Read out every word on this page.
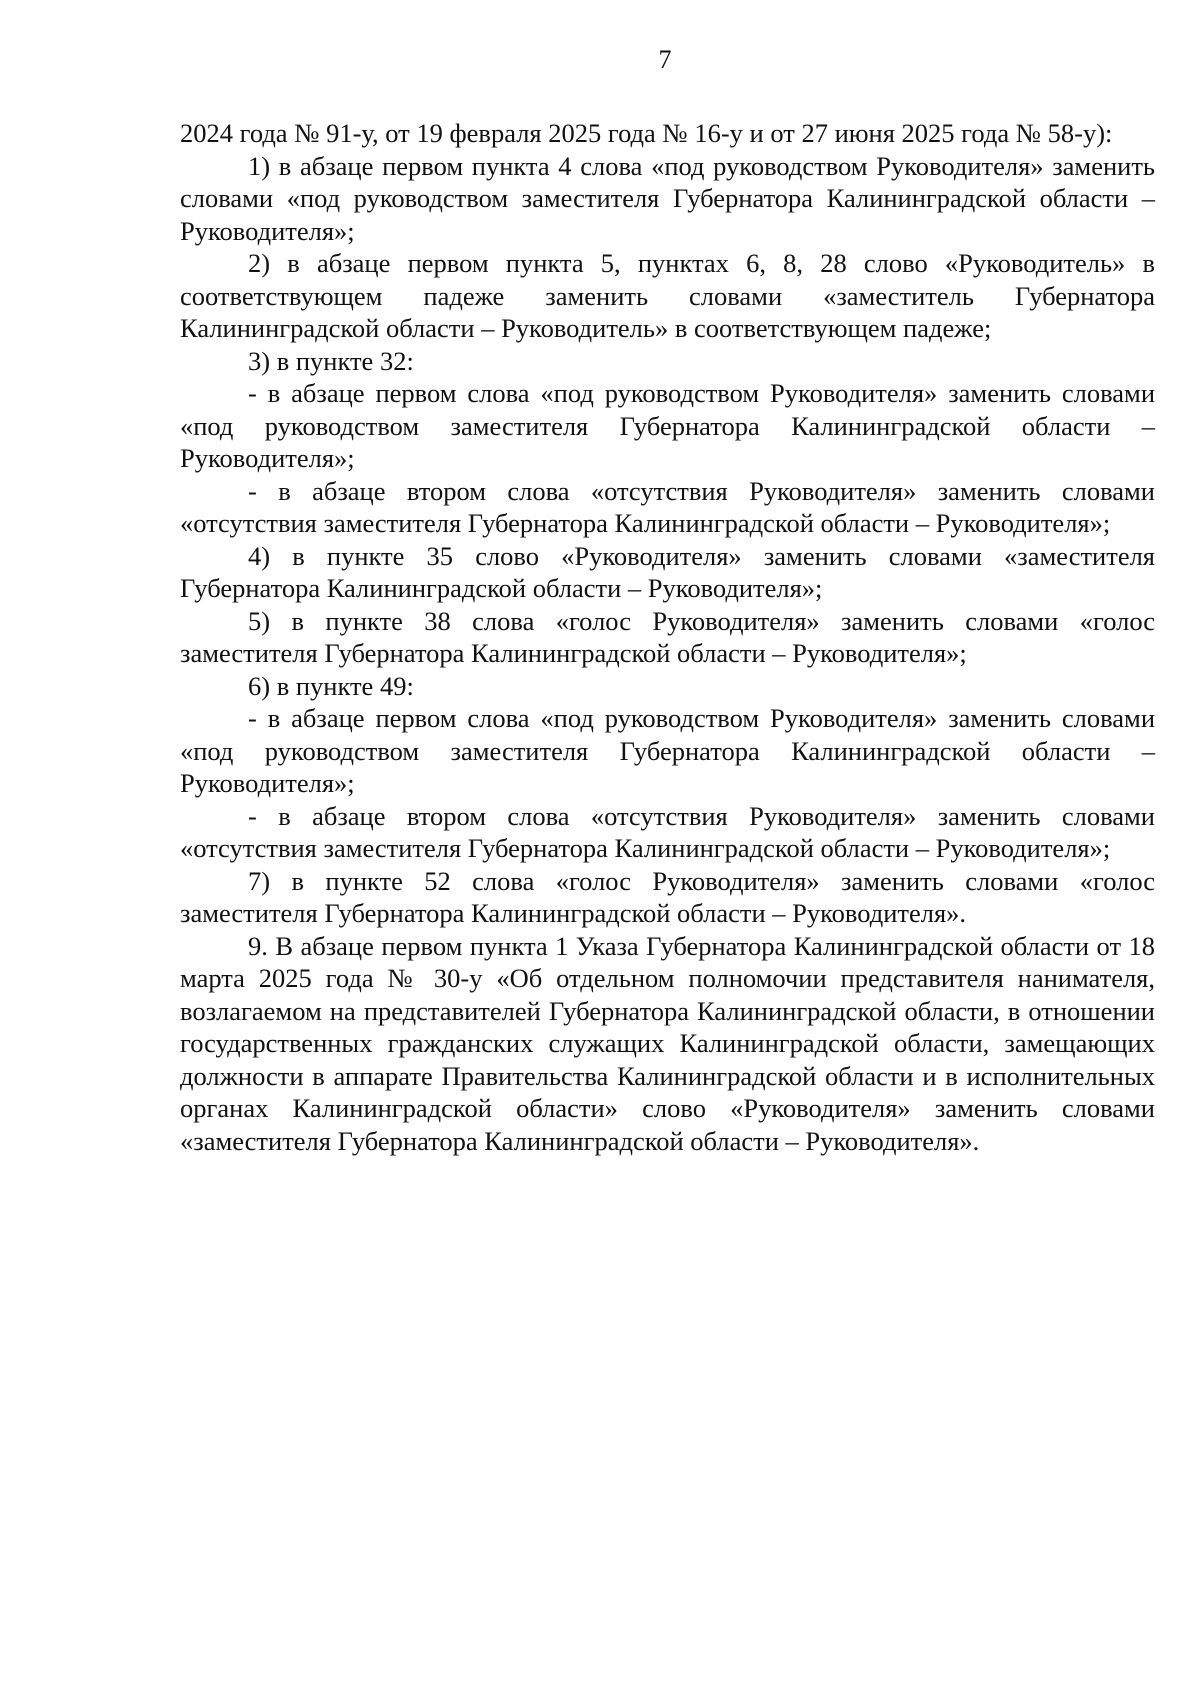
7

2024 года № 91-у, от 19 февраля 2025 года № 16-у и от 27 июня 2025 года № 58-у):

1) в абзаце первом пункта 4 слова «под руководством Руководителя» заменить словами «под руководством заместителя Губернатора Калининградской области – Руководителя»;

2) в абзаце первом пункта 5, пунктах 6, 8, 28 слово «Руководитель» в соответствующем падеже заменить словами «заместитель Губернатора Калининградской области – Руководитель» в соответствующем падеже;

3) в пункте 32:

- в абзаце первом слова «под руководством Руководителя» заменить словами «под руководством заместителя Губернатора Калининградской области – Руководителя»;

- в абзаце втором слова «отсутствия Руководителя» заменить словами «отсутствия заместителя Губернатора Калининградской области – Руководителя»;

4) в пункте 35 слово «Руководителя» заменить словами «заместителя Губернатора Калининградской области – Руководителя»;

5) в пункте 38 слова «голос Руководителя» заменить словами «голос заместителя Губернатора Калининградской области – Руководителя»;

6) в пункте 49:

- в абзаце первом слова «под руководством Руководителя» заменить словами «под руководством заместителя Губернатора Калининградской области – Руководителя»;

- в абзаце втором слова «отсутствия Руководителя» заменить словами «отсутствия заместителя Губернатора Калининградской области – Руководителя»;

7) в пункте 52 слова «голос Руководителя» заменить словами «голос заместителя Губернатора Калининградской области – Руководителя».

9. В абзаце первом пункта 1 Указа Губернатора Калининградской области от 18 марта 2025 года № 30-у «Об отдельном полномочии представителя нанимателя, возлагаемом на представителей Губернатора Калининградской области, в отношении государственных гражданских служащих Калининградской области, замещающих должности в аппарате Правительства Калининградской области и в исполнительных органах Калининградской области» слово «Руководителя» заменить словами «заместителя Губернатора Калининградской области – Руководителя».
